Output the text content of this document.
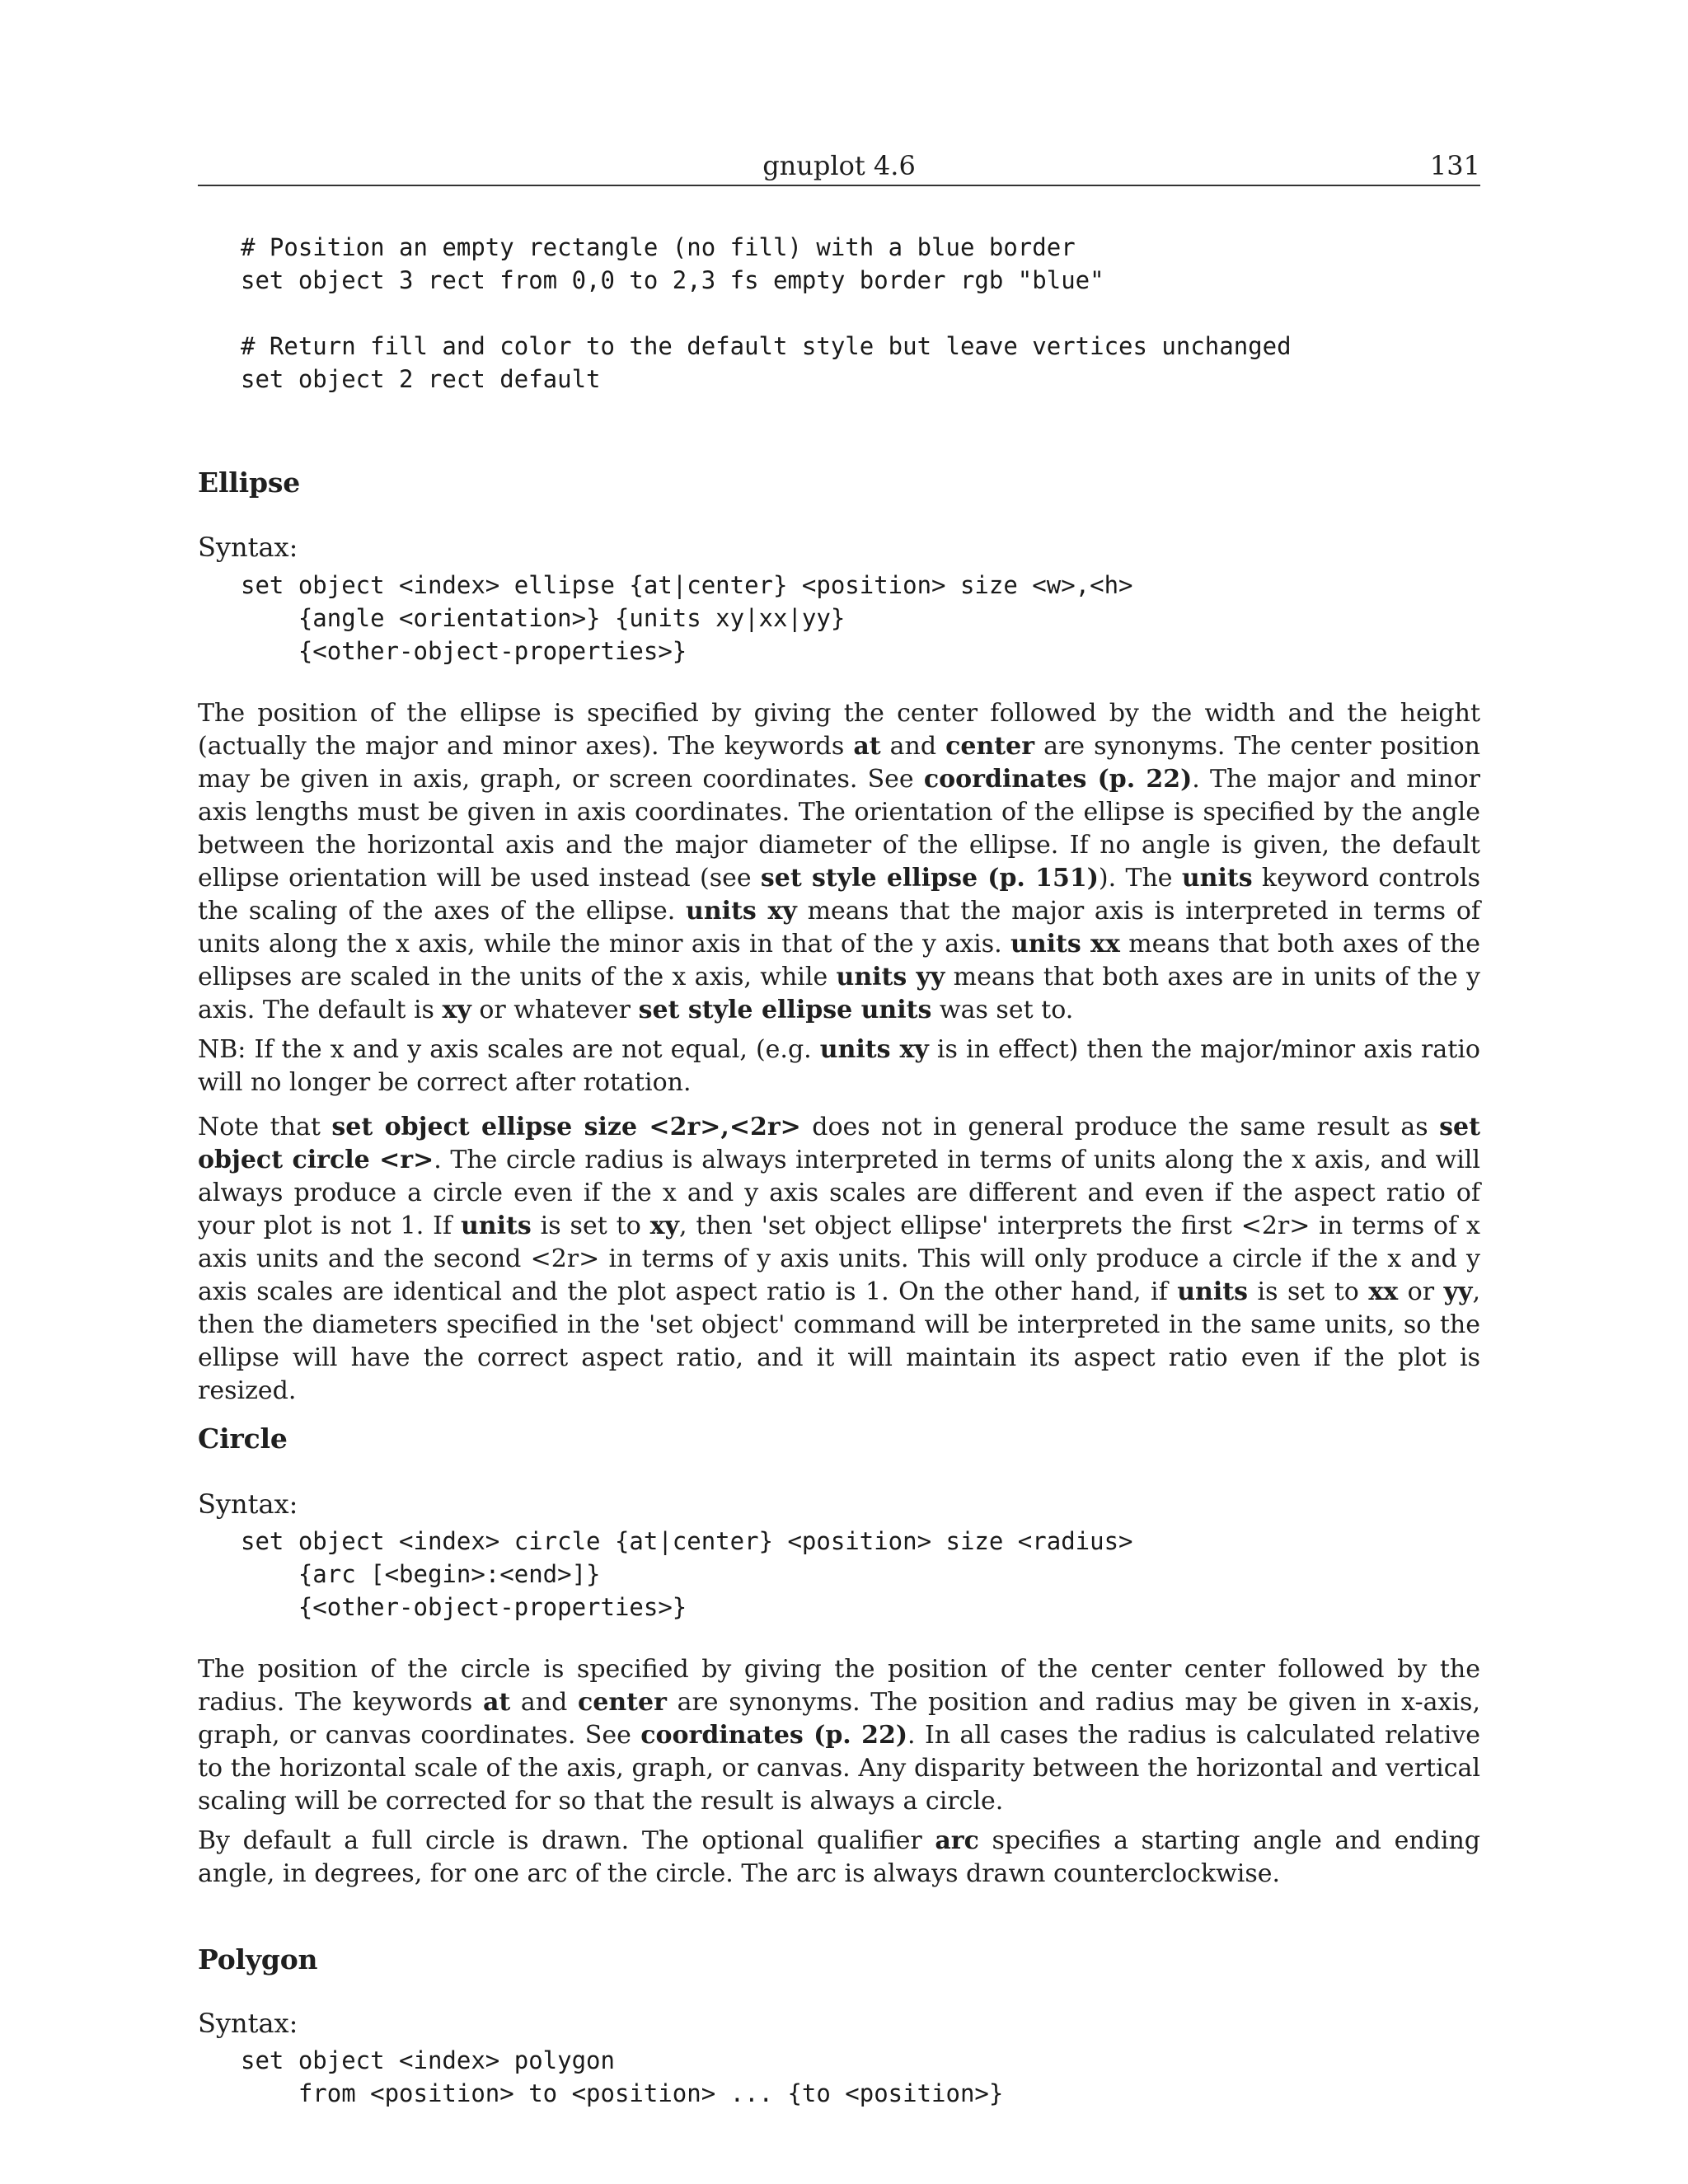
gnuplot 4.6	131
# Position an empty rectangle (no fill) with a blue border
set object 3 rect from 0,0 to 2,3 fs empty border rgb "blue"

# Return fill and color to the default style but leave vertices unchanged
set object 2 rect default
Ellipse

Syntax:

set object <index> ellipse {at|center} <position> size <w>,<h>
{angle <orientation>} {units xy|xx|yy}
{<other-object-properties>}

The position of the ellipse is specified by giving the center followed by the width and the height (actually the major and minor axes). The keywords at and center are synonyms. The center position may be given in axis, graph, or screen coordinates. See coordinates (p. 22). The major and minor axis lengths must be given in axis coordinates. The orientation of the ellipse is specified by the angle between the horizontal axis and the major diameter of the ellipse. If no angle is given, the default ellipse orientation will be used instead (see set style ellipse (p. 151)). The units keyword controls the scaling of the axes of the ellipse. units xy means that the major axis is interpreted in terms of units along the x axis, while the minor axis in that of the y axis. units xx means that both axes of the ellipses are scaled in the units of the x axis, while units yy means that both axes are in units of the y axis. The default is xy or whatever set style ellipse units was set to.

NB: If the x and y axis scales are not equal, (e.g. units xy is in effect) then the major/minor axis ratio will no longer be correct after rotation.

Note that set object ellipse size <2r>,<2r> does not in general produce the same result as set object circle <r>. The circle radius is always interpreted in terms of units along the x axis, and will always produce a circle even if the x and y axis scales are different and even if the aspect ratio of your plot is not 1. If units is set to xy, then 'set object ellipse' interprets the first <2r> in terms of x axis units and the second <2r> in terms of y axis units. This will only produce a circle if the x and y axis scales are identical and the plot aspect ratio is 1. On the other hand, if units is set to xx or yy, then the diameters specified in the 'set object' command will be interpreted in the same units, so the ellipse will have the correct aspect ratio, and it will maintain its aspect ratio even if the plot is resized.

Circle

Syntax:

set object <index> circle {at|center} <position> size <radius>
{arc [<begin>:<end>]}
{<other-object-properties>}

The position of the circle is specified by giving the position of the center center followed by the radius. The keywords at and center are synonyms. The position and radius may be given in x-axis, graph, or canvas coordinates. See coordinates (p. 22). In all cases the radius is calculated relative to the horizontal scale of the axis, graph, or canvas. Any disparity between the horizontal and vertical scaling will be corrected for so that the result is always a circle.

By default a full circle is drawn. The optional qualifier arc specifies a starting angle and ending angle, in degrees, for one arc of the circle. The arc is always drawn counterclockwise.

Polygon

Syntax:

set object <index> polygon
from <position> to <position> ... {to <position>}
